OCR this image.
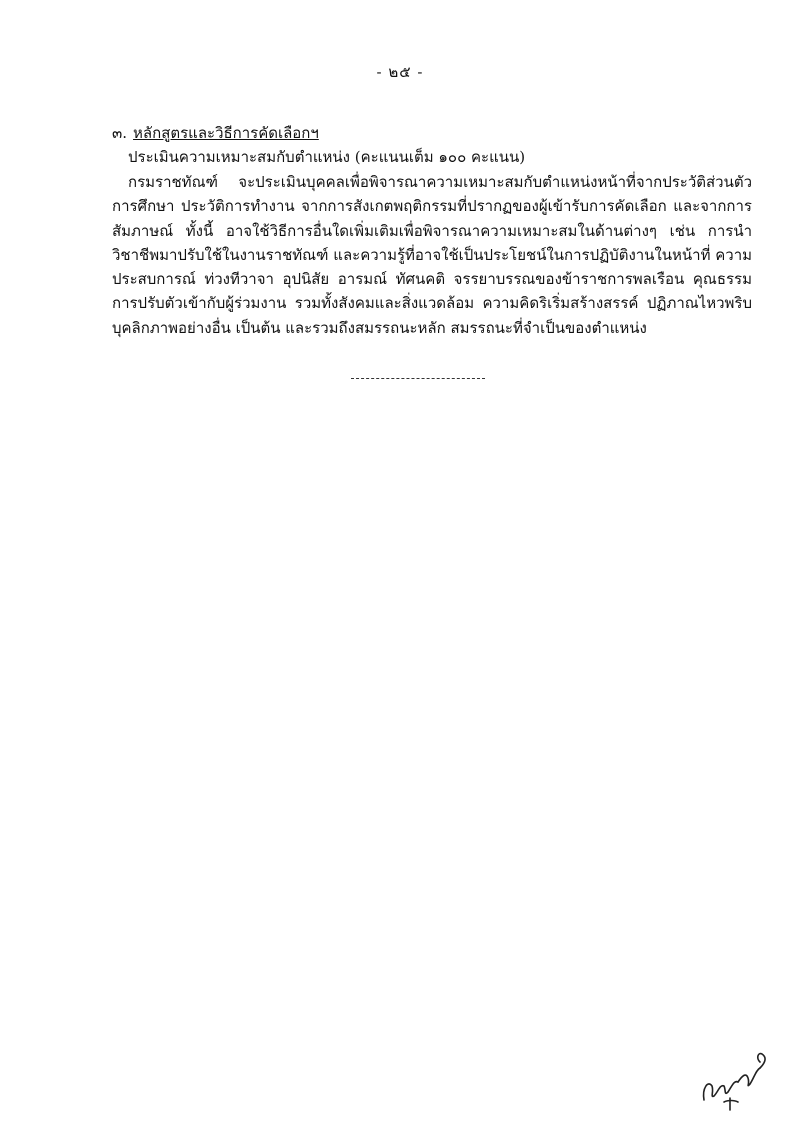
- ๒๕ -
๓. หลักสูตรและวิธีการคัดเลือกฯ
ประเมินความเหมาะสมกับตำแหน่ง (คะแนนเต็ม ๑๐๐ คะแนน)
กรมราชทัณฑ์ จะประเมินบุคคลเพื่อพิจารณาความเหมาะสมกับตำแหน่งหน้าที่จากประวัติส่วนตัว
การศึกษา ประวัติการทำงาน จากการสังเกตพฤติกรรมที่ปรากฏของผู้เข้ารับการคัดเลือก และจากการ
สัมภาษณ์ ทั้งนี้ อาจใช้วิธีการอื่นใดเพิ่มเติมเพื่อพิจารณาความเหมาะสมในด้านต่างๆ เช่น การนำ
วิชาชีพมาปรับใช้ในงานราชทัณฑ์ และความรู้ที่อาจใช้เป็นประโยชน์ในการปฏิบัติงานในหน้าที่ ความ
ประสบการณ์ ท่วงทีวาจา อุปนิสัย อารมณ์ ทัศนคติ จรรยาบรรณของข้าราชการพลเรือน คุณธรรม
การปรับตัวเข้ากับผู้ร่วมงาน รวมทั้งสังคมและสิ่งแวดล้อม ความคิดริเริ่มสร้างสรรค์ ปฏิภาณไหวพริบ
บุคลิกภาพอย่างอื่น เป็นต้น และรวมถึงสมรรถนะหลัก สมรรถนะที่จำเป็นของตำแหน่ง
